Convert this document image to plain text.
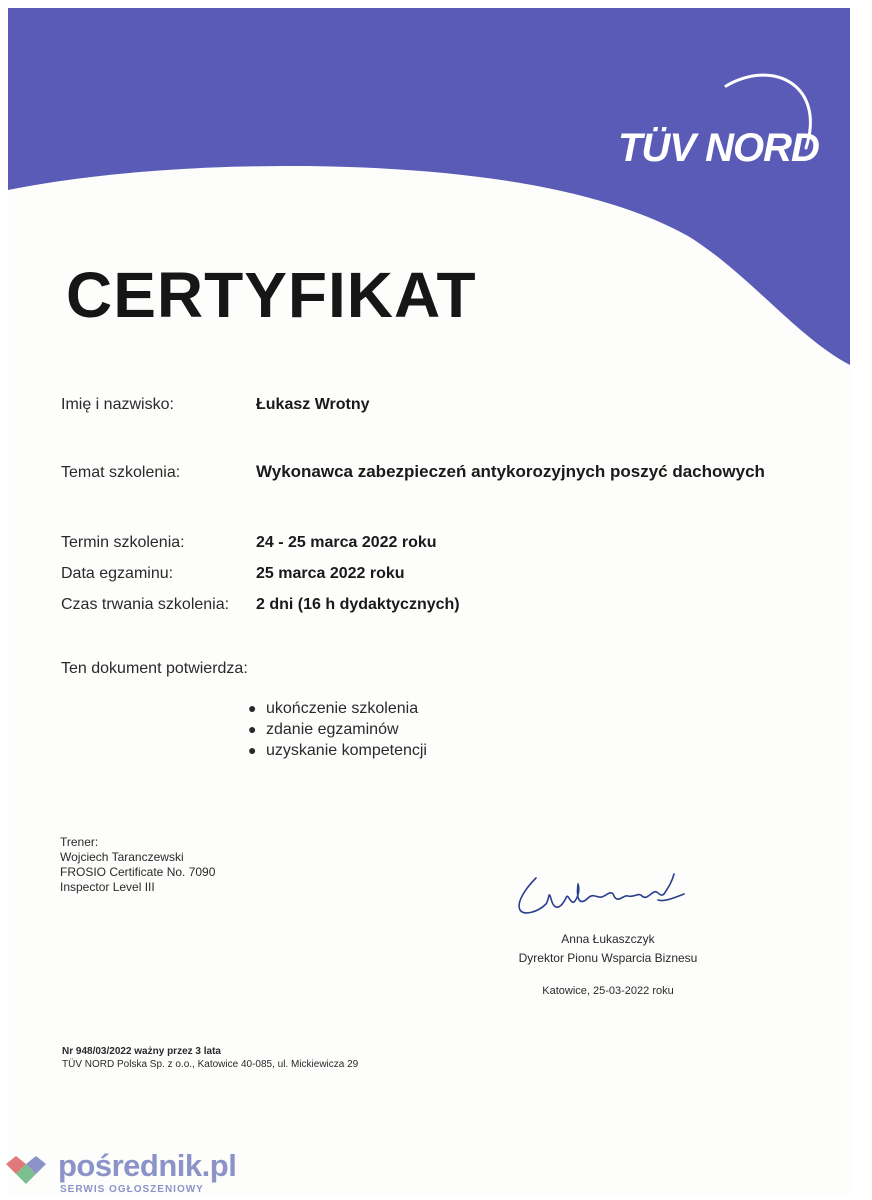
TÜV NORD
CERTYFIKAT
Imię i nazwisko:	Łukasz Wrotny
Temat szkolenia:	Wykonawca zabezpieczeń antykorozyjnych poszyć dachowych
Termin szkolenia:	24 - 25 marca 2022 roku
Data egzaminu:	25 marca 2022 roku
Czas trwania szkolenia: 2 dni (16 h dydaktycznych)
Ten dokument potwierdza:
● ukończenie szkolenia
● zdanie egzaminów
● uzyskanie kompetencji
Trener:
Wojciech Taranczewski
FROSIO Certificate No. 7090
Inspector Level III
Anna Łukaszczyk
Dyrektor Pionu Wsparcia Biznesu
Katowice, 25-03-2022 roku
Nr 948/03/2022 ważny przez 3 lata
TÜV NORD Polska Sp. z o.o., Katowice 40-085, ul. Mickiewicza 29
pośrednik.pl
SERWIS OGŁOSZENIOWY
